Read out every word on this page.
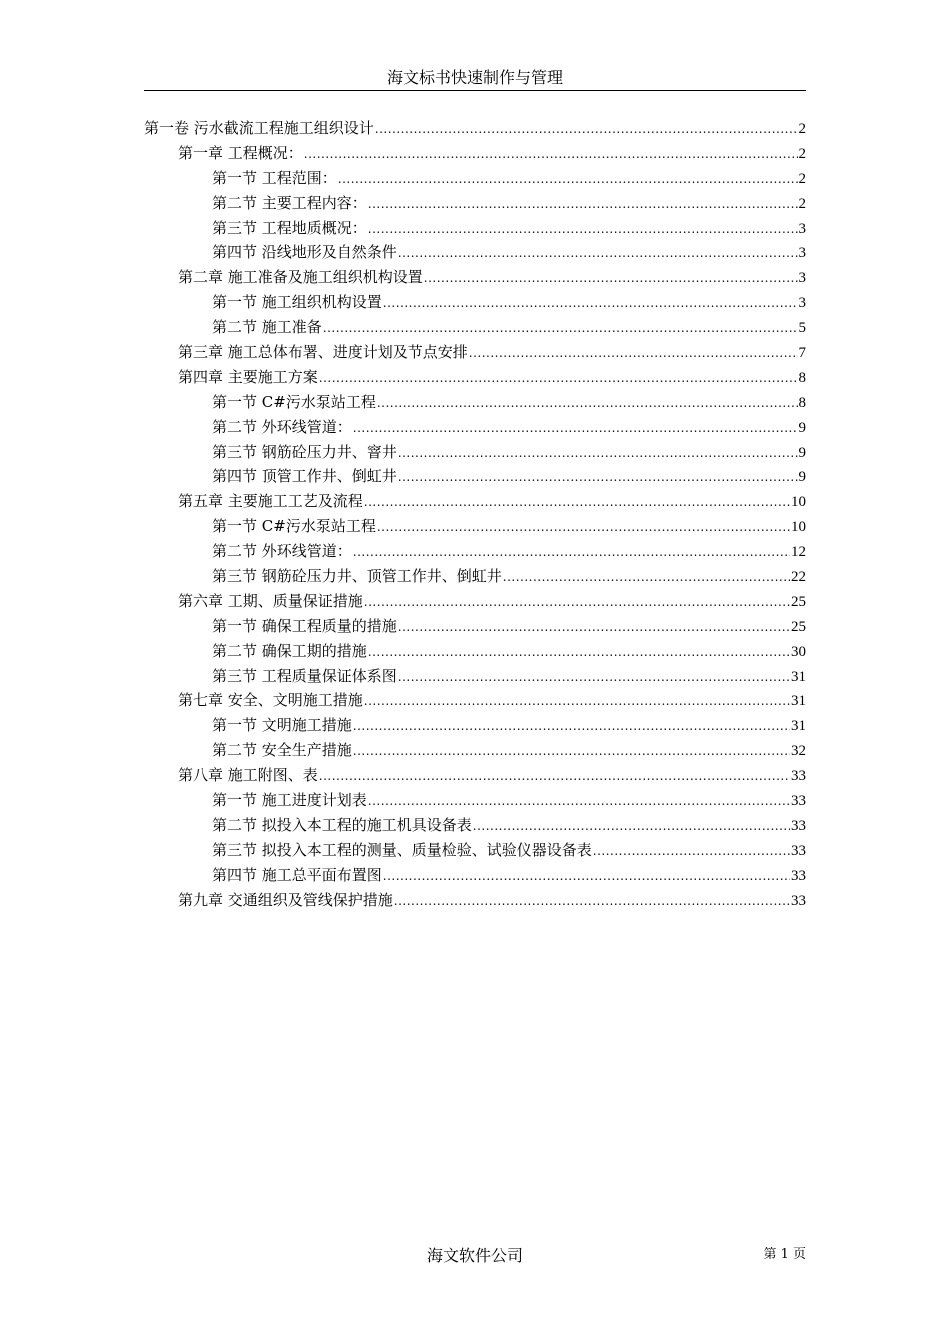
海文标书快速制作与管理
第一卷 污水截流工程施工组织设计 .....	2
第一章 工程概况： .....	2
第一节 工程范围： .....	2
第二节 主要工程内容： .....	2
第三节 工程地质概况： .....	3
第四节 沿线地形及自然条件 .....	3
第二章 施工准备及施工组织机构设置 .....	3
第一节 施工组织机构设置 .....	3
第二节 施工准备 .....	5
第三章 施工总体布署、进度计划及节点安排 .....	7
第四章 主要施工方案 .....	8
第一节 C#污水泵站工程 .....	8
第二节 外环线管道： .....	9
第三节 钢筋砼压力井、窨井 .....	9
第四节 顶管工作井、倒虹井 .....	9
第五章 主要施工工艺及流程 .....	10
第一节 C#污水泵站工程 .....	10
第二节 外环线管道： .....	12
第三节 钢筋砼压力井、顶管工作井、倒虹井 .....	22
第六章 工期、质量保证措施 .....	25
第一节 确保工程质量的措施 .....	25
第二节 确保工期的措施 .....	30
第三节 工程质量保证体系图 .....	31
第七章 安全、文明施工措施 .....	31
第一节 文明施工措施 .....	31
第二节 安全生产措施 .....	32
第八章 施工附图、表 .....	33
第一节 施工进度计划表 .....	33
第二节 拟投入本工程的施工机具设备表 .....	33
第三节 拟投入本工程的测量、质量检验、试验仪器设备表 .....	33
第四节 施工总平面布置图 .....	33
第九章 交通组织及管线保护措施 .....	33
海文软件公司	第 1 页
